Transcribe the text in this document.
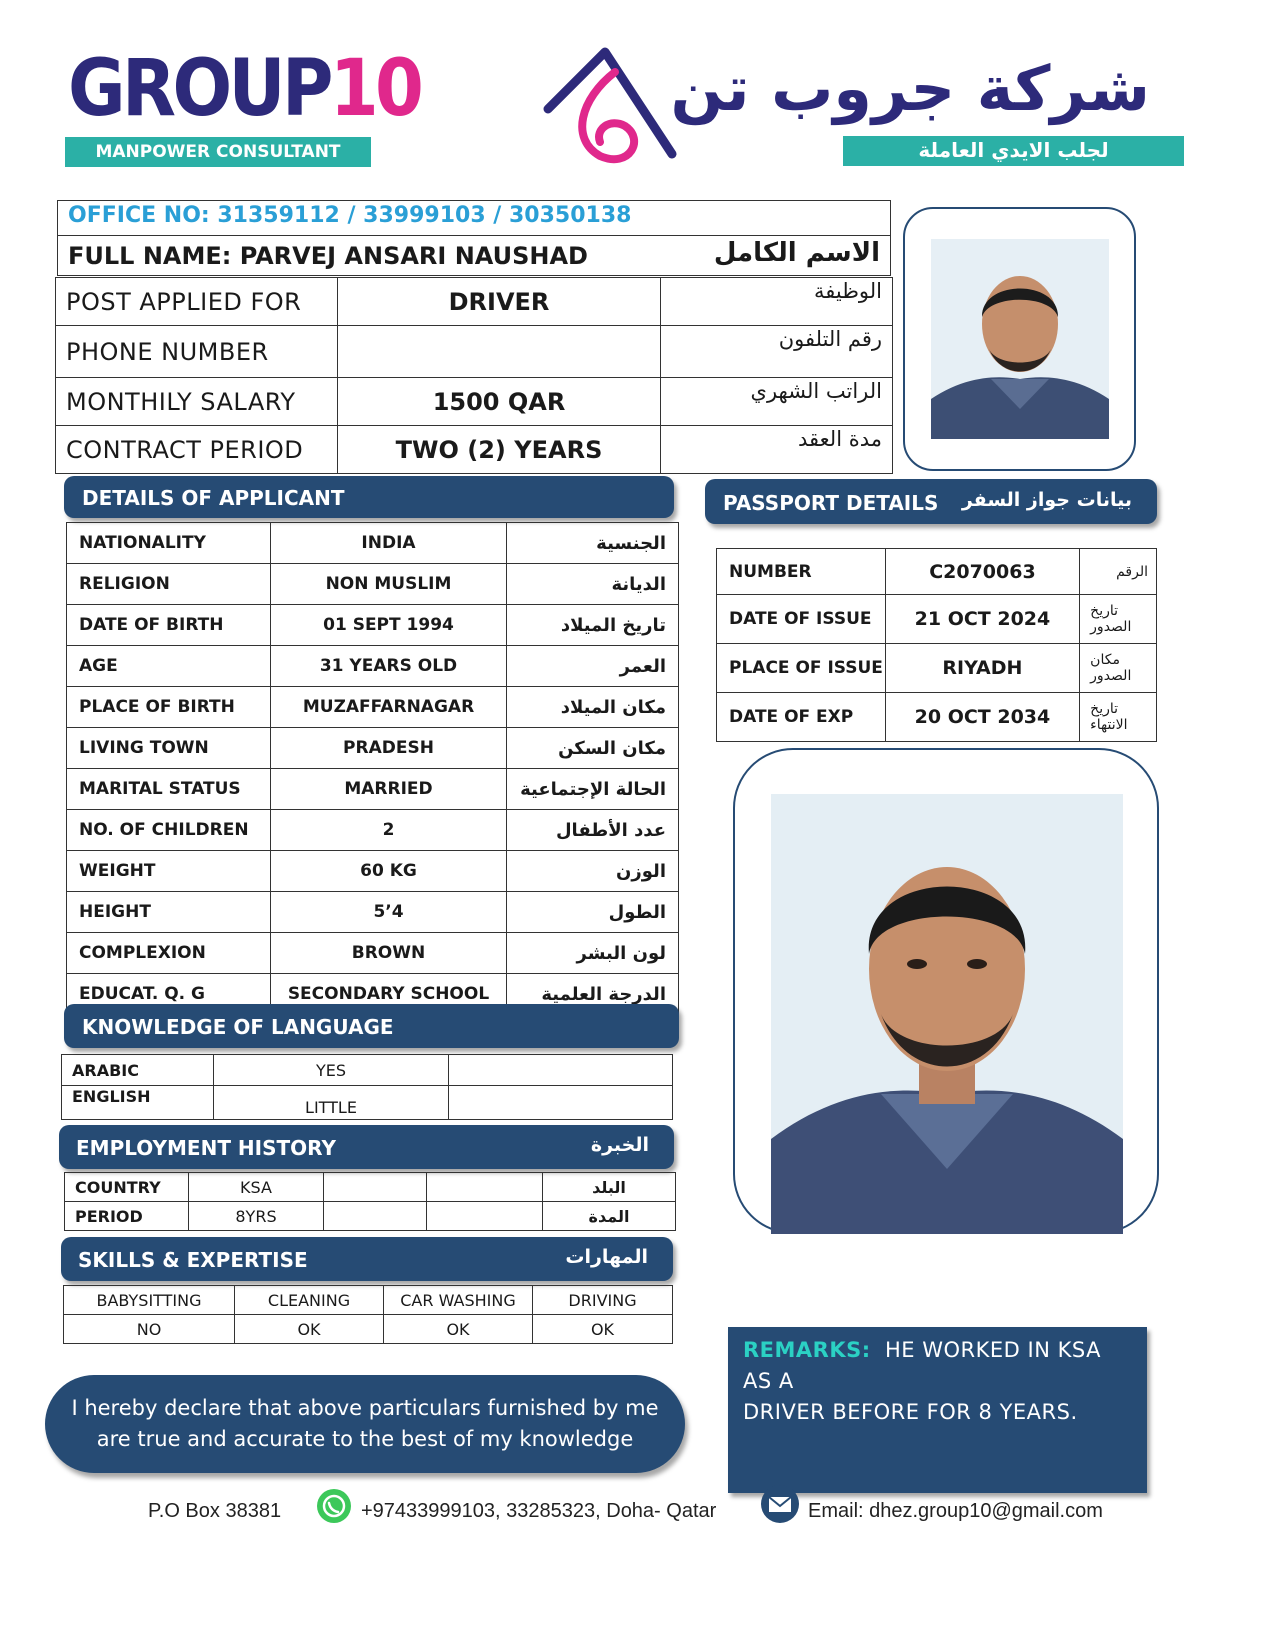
GROUP10
MANPOWER CONSULTANT
شركة جروب تن
لجلب الايدي العاملة
OFFICE NO: 31359112 / 33999103 / 30350138
FULL NAME: PARVEJ ANSARI NAUSHAD	الاسم الكامل
POST APPLIED FOR	DRIVER	الوظيفة
PHONE NUMBER		رقم التلفون
MONTHILY SALARY	1500 QAR	الراتب الشهري
CONTRACT PERIOD	TWO (2) YEARS	مدة العقد
DETAILS OF APPLICANT
NATIONALITY	INDIA	الجنسية
RELIGION	NON MUSLIM	الديانة
DATE OF BIRTH	01 SEPT 1994	تاريخ الميلاد
AGE	31 YEARS OLD	العمر
PLACE OF BIRTH	MUZAFFARNAGAR	مكان الميلاد
LIVING TOWN	PRADESH	مكان السكن
MARITAL STATUS	MARRIED	الحالة الإجتماعية
NO. OF CHILDREN	2	عدد الأطفال
WEIGHT	60 KG	الوزن
HEIGHT	5’4	الطول
COMPLEXION	BROWN	لون البشر
EDUCAT. Q. G	SECONDARY SCHOOL	الدرجة العلمية
PASSPORT DETAILS بيانات جواز السفر
NUMBER	C2070063	الرقم
DATE OF ISSUE	21 OCT 2024	تاريخ الصدور
PLACE OF ISSUE	RIYADH	مكان الصدور
DATE OF EXP	20 OCT 2034	تاريخ الانتهاء
KNOWLEDGE OF LANGUAGE
ARABIC	YES	
ENGLISH	LITTLE	
EMPLOYMENT HISTORY	الخبرة
COUNTRY	KSA			البلد
PERIOD	8YRS			المدة
SKILLS & EXPERTISE	المهارات
BABYSITTING	CLEANING	CAR WASHING	DRIVING
NO	OK	OK	OK
I hereby declare that above particulars furnished by me
are true and accurate to the best of my knowledge
REMARKS: HE WORKED IN KSA AS A
DRIVER BEFORE FOR 8 YEARS.
P.O Box 38381	+97433999103, 33285323, Doha- Qatar	Email: dhez.group10@gmail.com
